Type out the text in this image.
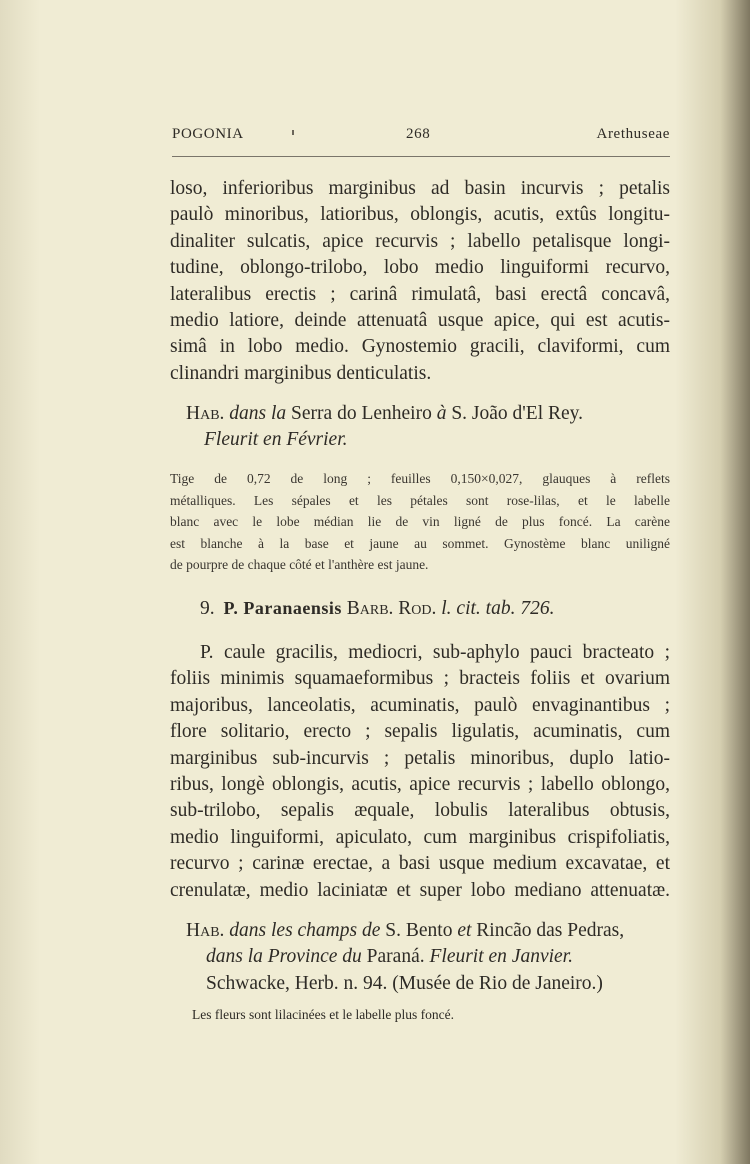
POGONIA	268	Arethuseae
loso, inferioribus marginibus ad basin incurvis ; petalis
paulò minoribus, latioribus, oblongis, acutis, extûs longitu-
dinaliter sulcatis, apice recurvis ; labello petalisque longi-
tudine, oblongo-trilobo, lobo medio linguiformi recurvo,
lateralibus erectis ; carinâ rimulatâ, basi erectâ concavâ,
medio latiore, deinde attenuatâ usque apice, qui est acutis-
simâ in lobo medio. Gynostemio gracili, claviformi, cum
clinandri marginibus denticulatis.
Hab. dans la Serra do Lenheiro à S. João d'El Rey.
Fleurit en Février.
Tige de 0,72 de long ; feuilles 0,150×0,027, glauques à reflets
métalliques. Les sépales et les pétales sont rose-lilas, et le labelle
blanc avec le lobe médian lie de vin ligné de plus foncé. La carène
est blanche à la base et jaune au sommet. Gynostème blanc uniligné
de pourpre de chaque côté et l'anthère est jaune.
9. P. Paranaensis Barb. Rod. l. cit. tab. 726.
P. caule gracilis, mediocri, sub-aphylo pauci bracteato ;
foliis minimis squamaeformibus ; bracteis foliis et ovarium
majoribus, lanceolatis, acuminatis, paulò envaginantibus ;
flore solitario, erecto ; sepalis ligulatis, acuminatis, cum
marginibus sub-incurvis ; petalis minoribus, duplo latio-
ribus, longè oblongis, acutis, apice recurvis ; labello oblongo,
sub-trilobo, sepalis æquale, lobulis lateralibus obtusis,
medio linguiformi, apiculato, cum marginibus crispifoliatis,
recurvo ; carinæ erectae, a basi usque medium excavatae, et
crenulatæ, medio laciniatæ et super lobo mediano attenuatæ.
Hab. dans les champs de S. Bento et Rincão das Pedras,
dans la Province du Paraná. Fleurit en Janvier.
Schwacke, Herb. n. 94. (Musée de Rio de Janeiro.)
Les fleurs sont lilacinées et le labelle plus foncé.
